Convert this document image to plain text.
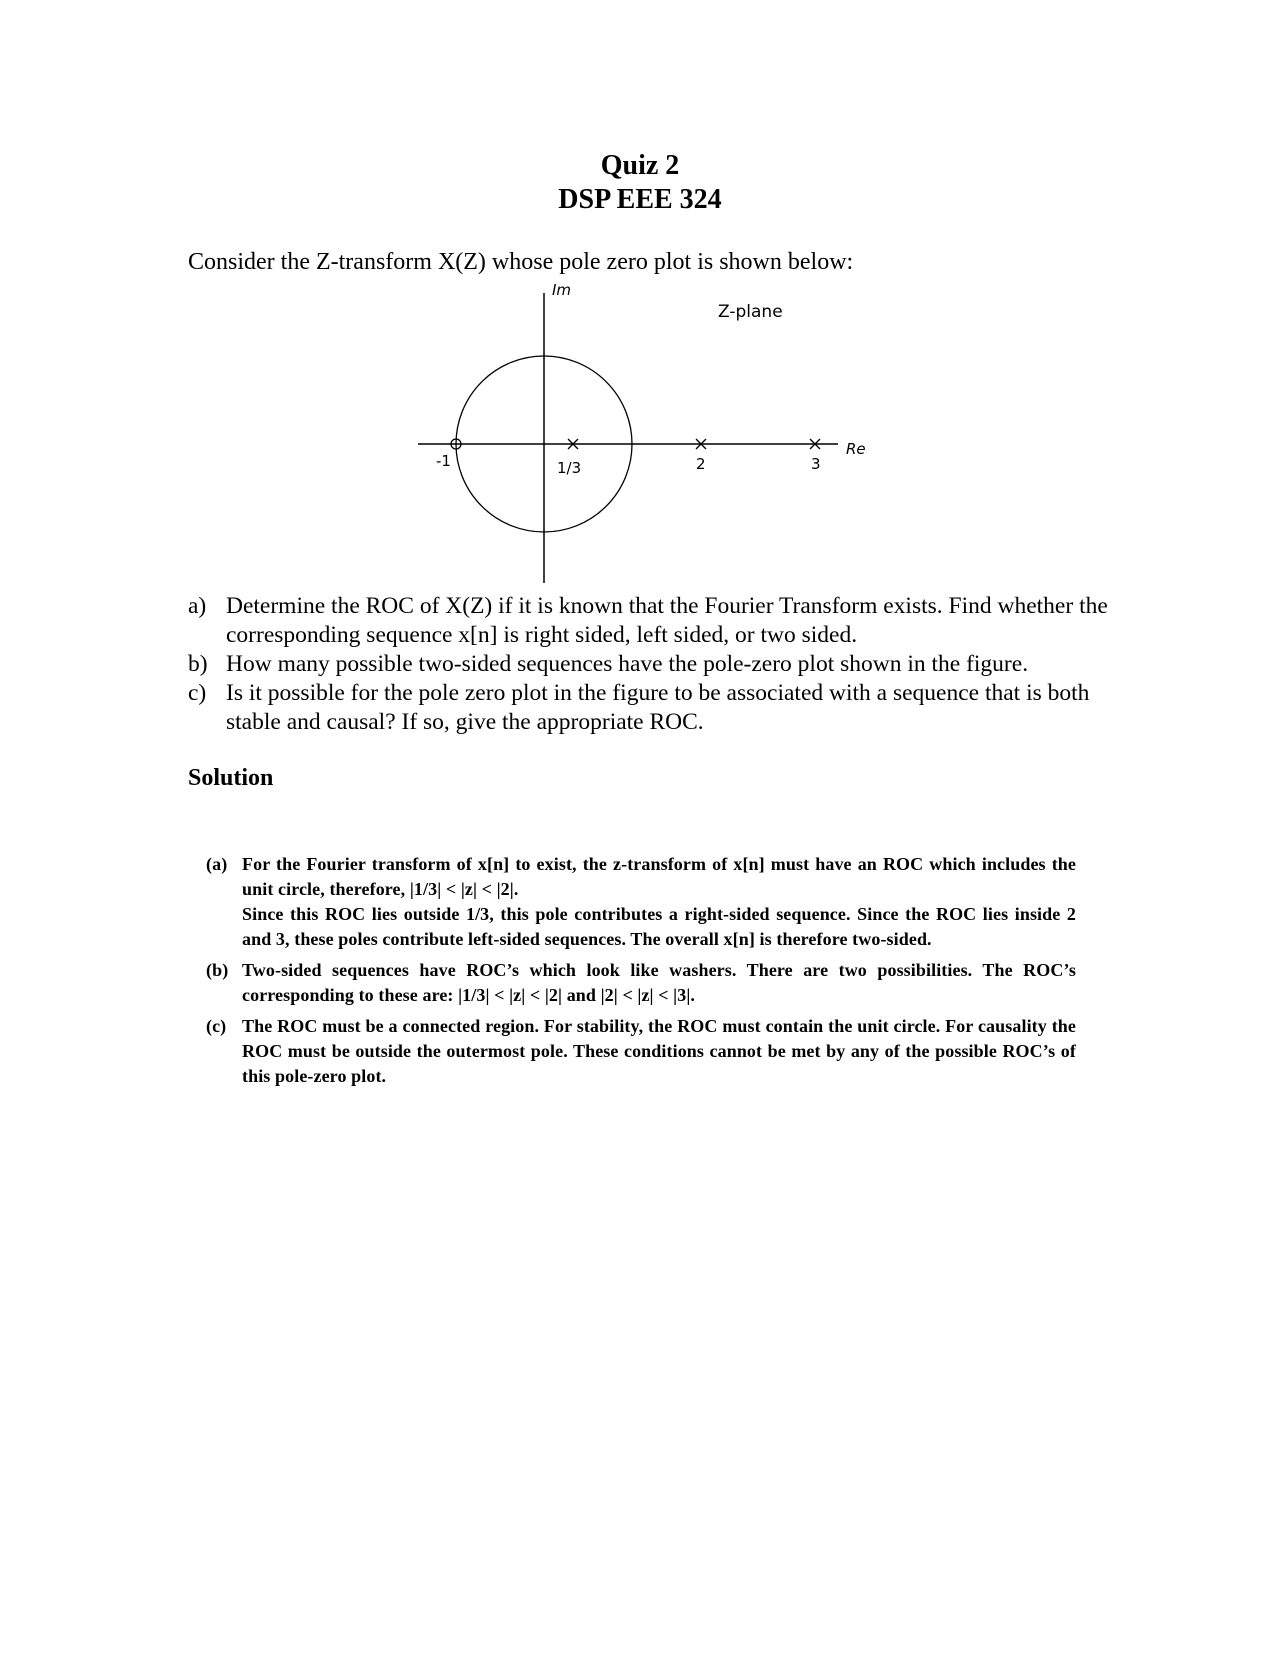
Quiz 2
DSP EEE 324
Consider the Z-transform X(Z) whose pole zero plot is shown below:
Im
Re
Z-plane
-1	1/3	2	3
a) Determine the ROC of X(Z) if it is known that the Fourier Transform exists. Find whether the corresponding sequence x[n] is right sided, left sided, or two sided.
b) How many possible two-sided sequences have the pole-zero plot shown in the figure.
c) Is it possible for the pole zero plot in the figure to be associated with a sequence that is both stable and causal? If so, give the appropriate ROC.
Solution
(a) For the Fourier transform of x[n] to exist, the z-transform of x[n] must have an ROC which includes the unit circle, therefore, |1/3| < |z| < |2|.

Since this ROC lies outside 1/3, this pole contributes a right-sided sequence. Since the ROC lies inside 2 and 3, these poles contribute left-sided sequences. The overall x[n] is therefore two-sided.

(b) Two-sided sequences have ROC’s which look like washers. There are two possibilities. The ROC’s corresponding to these are: |1/3| < |z| < |2| and |2| < |z| < |3|.

(c) The ROC must be a connected region. For stability, the ROC must contain the unit circle. For causality the ROC must be outside the outermost pole. These conditions cannot be met by any of the possible ROC’s of this pole-zero plot.
